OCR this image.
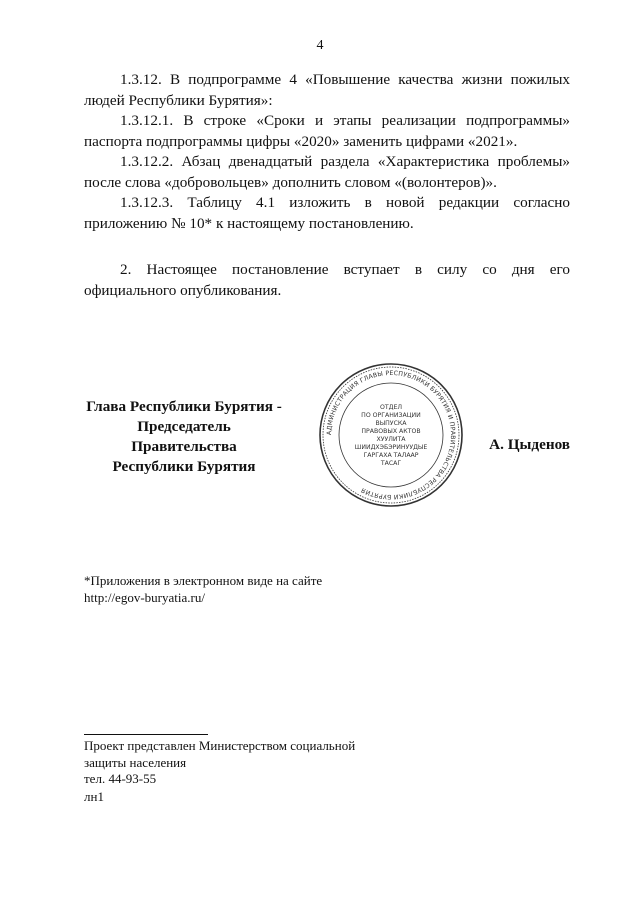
4

1.3.12. В подпрограмме 4 «Повышение качества жизни пожилых людей Республики Бурятия»:

1.3.12.1. В строке «Сроки и этапы реализации подпрограммы» паспорта подпрограммы цифры «2020» заменить цифрами «2021».

1.3.12.2. Абзац двенадцатый раздела «Характеристика проблемы» после слова «добровольцев» дополнить словом «(волонтеров)».

1.3.12.3. Таблицу 4.1 изложить в новой редакции согласно приложению № 10* к настоящему постановлению.

2. Настоящее постановление вступает в силу со дня его официального опубликования.

Глава Республики Бурятия -
Председатель Правительства
Республики Бурятия
АДМИНИСТРАЦИЯ ГЛАВЫ РЕСПУБЛИКИ БУРЯТИЯ И ПРАВИТЕЛЬСТВА РЕСПУБЛИКИ БУРЯТИЯ
ОТДЕЛ
ПО ОРГАНИЗАЦИИ
ВЫПУСКА
ПРАВОВЫХ АКТОВ
ХУУЛИТА
ШИИДХЭБЭРИНУУДЫЕ
ГАРГАХА ТАЛААР
ТАСАГ
А. Цыденов
*Приложения в электронном виде на сайте
http://egov-buryatia.ru/
Проект представлен Министерством социальной
защиты населения
тел. 44-93-55
лн1
